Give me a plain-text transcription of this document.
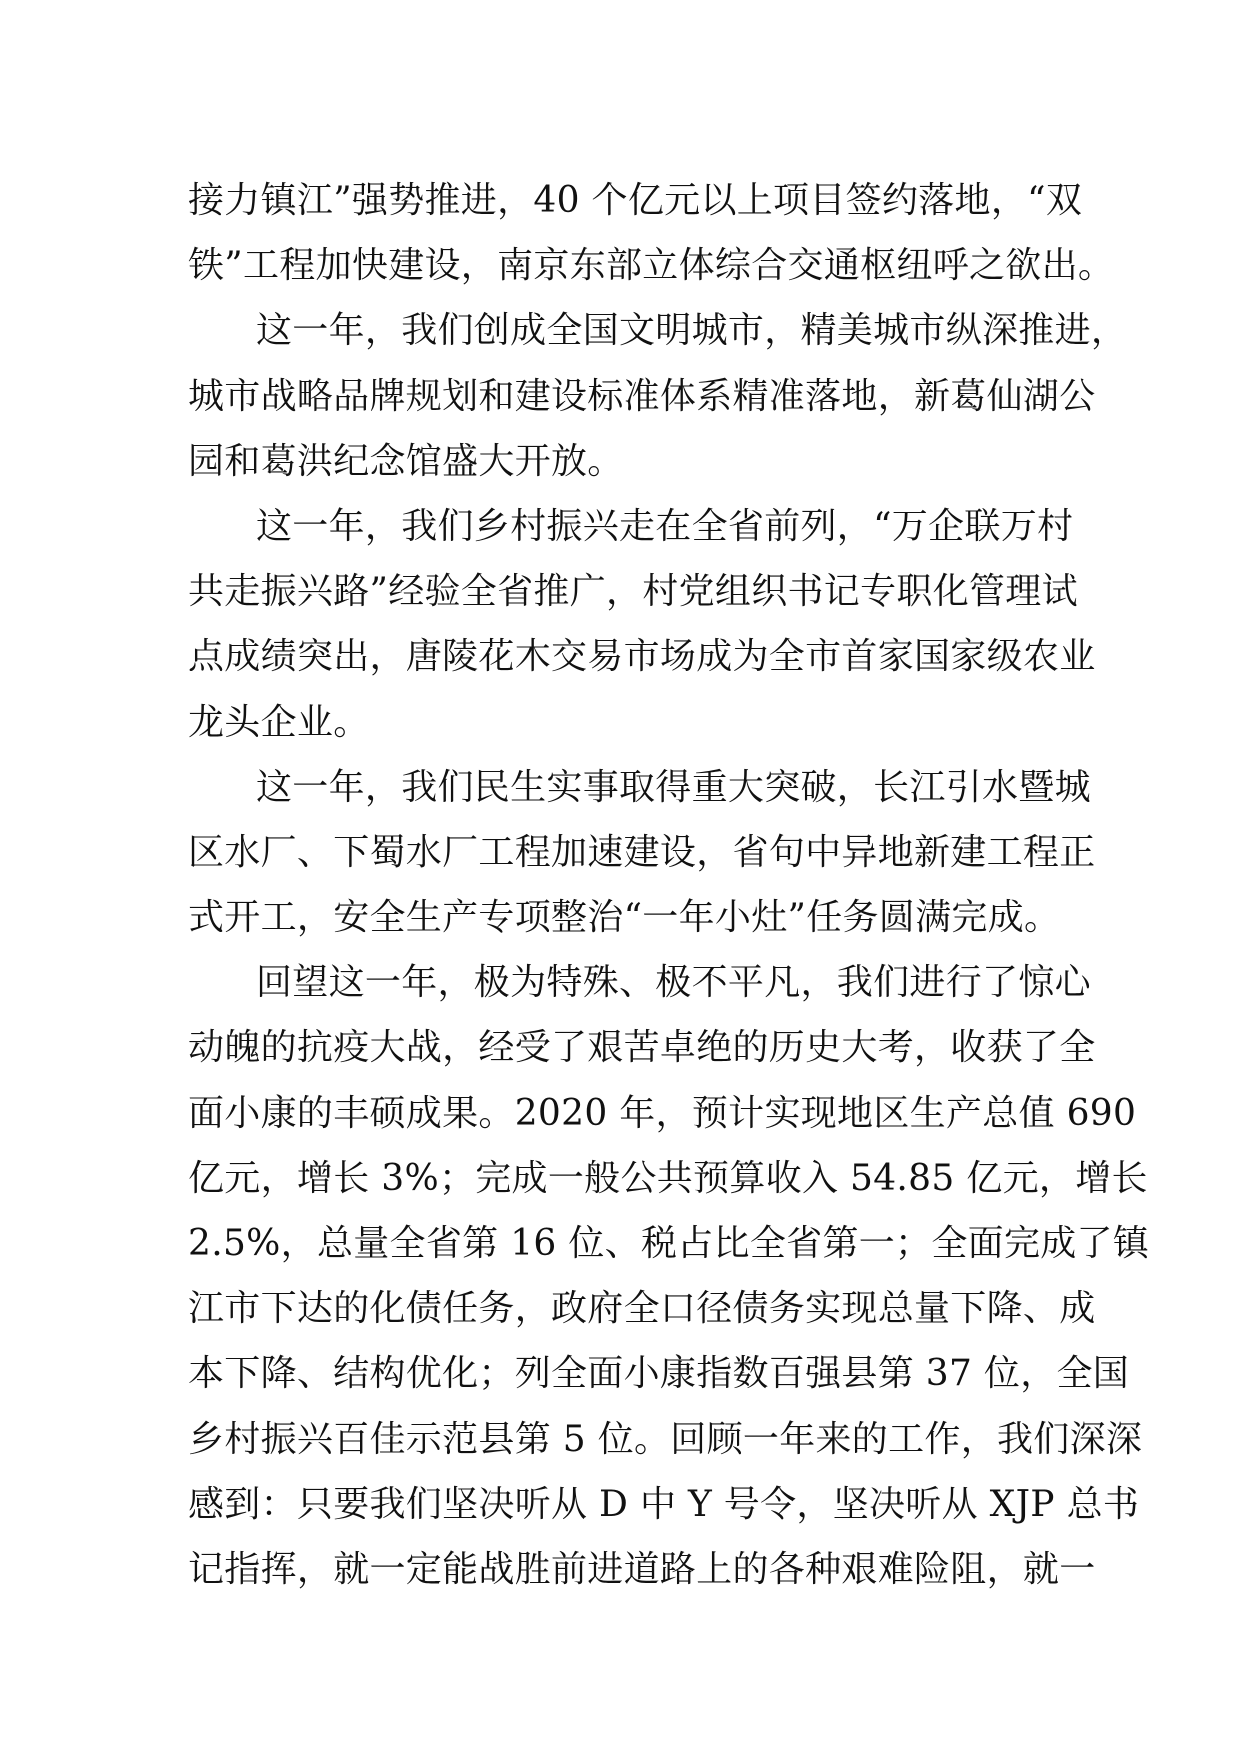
接力镇江”强势推进，40 个亿元以上项目签约落地，“双
铁”工程加快建设，南京东部立体综合交通枢纽呼之欲出。
这一年，我们创成全国文明城市，精美城市纵深推进，
城市战略品牌规划和建设标准体系精准落地，新葛仙湖公
园和葛洪纪念馆盛大开放。
这一年，我们乡村振兴走在全省前列，“万企联万村
共走振兴路”经验全省推广，村党组织书记专职化管理试
点成绩突出，唐陵花木交易市场成为全市首家国家级农业
龙头企业。
这一年，我们民生实事取得重大突破，长江引水暨城
区水厂、下蜀水厂工程加速建设，省句中异地新建工程正
式开工，安全生产专项整治“一年小灶”任务圆满完成。
回望这一年，极为特殊、极不平凡，我们进行了惊心
动魄的抗疫大战，经受了艰苦卓绝的历史大考，收获了全
面小康的丰硕成果。2020 年，预计实现地区生产总值 690
亿元，增长 3%；完成一般公共预算收入 54.85 亿元，增长
2.5%，总量全省第 16 位、税占比全省第一；全面完成了镇
江市下达的化债任务，政府全口径债务实现总量下降、成
本下降、结构优化；列全面小康指数百强县第 37 位，全国
乡村振兴百佳示范县第 5 位。回顾一年来的工作，我们深深
感到：只要我们坚决听从 D 中 Y 号令，坚决听从 XJP 总书
记指挥，就一定能战胜前进道路上的各种艰难险阻，就一
